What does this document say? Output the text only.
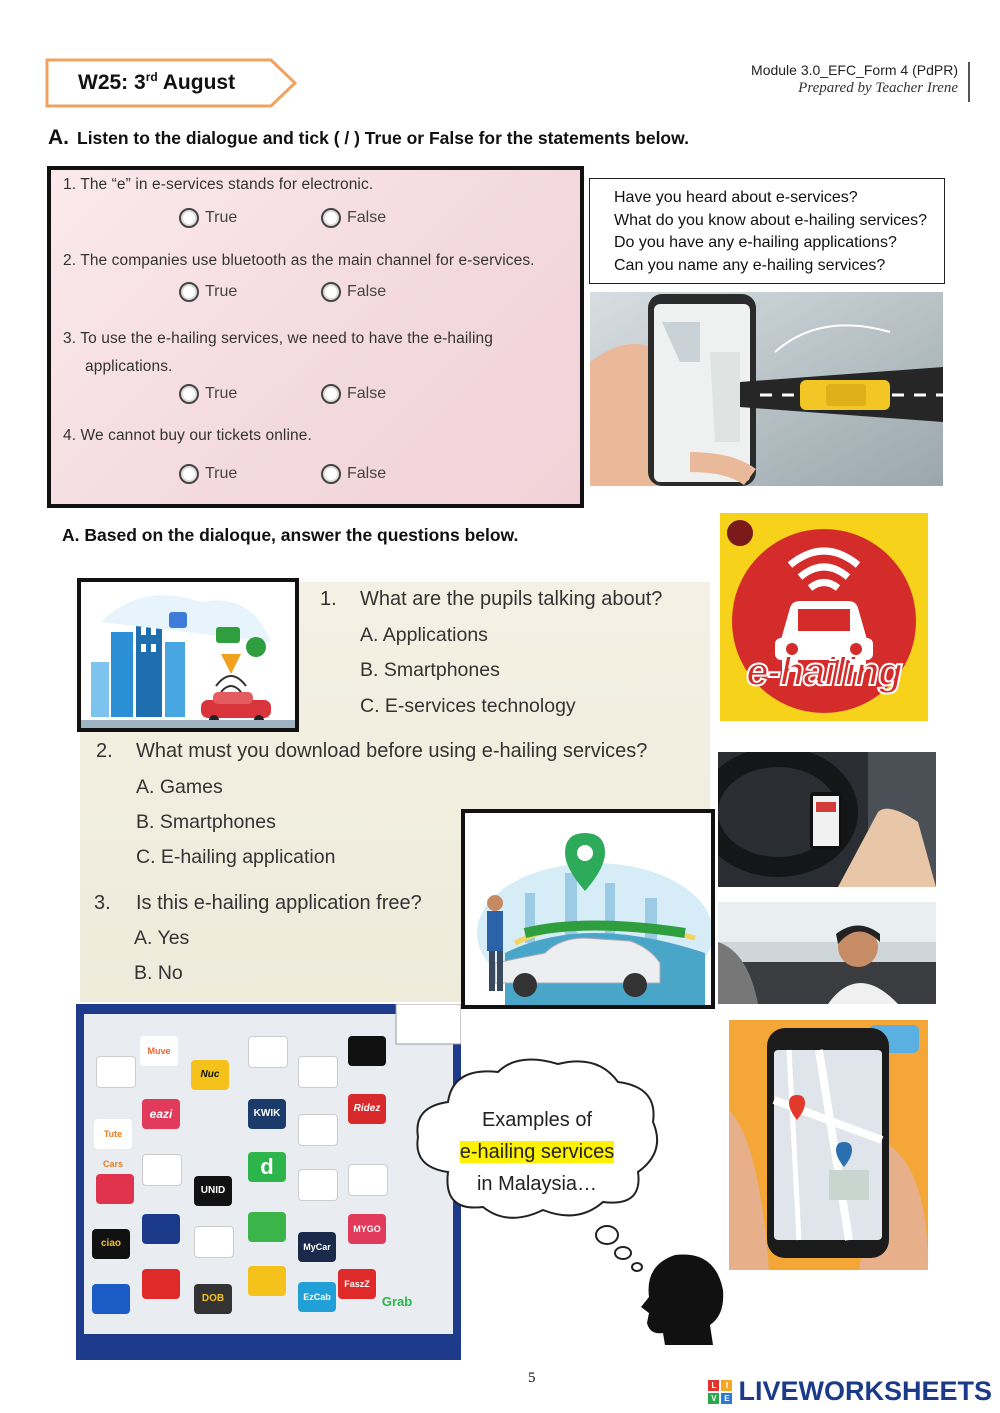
W25: 3rd August
Module 3.0_EFC_Form 4 (PdPR)
Prepared by Teacher Irene
A. Listen to the dialogue and tick ( / ) True or False for the statements below.
1. The “e” in e-services stands for electronic.
True	False
2. The companies use bluetooth as the main channel for e-services.
True	False
3. To use the e-hailing services, we need to have the e-hailing
applications.
True	False
4. We cannot buy our tickets online.
True	False
Have you heard about e-services?
What do you know about e-hailing services?
Do you have any e-hailing applications?
Can you name any e-hailing services?
A. Based on the dialoque, answer the questions below.
1. What are the pupils talking about?
A. Applications
B. Smartphones
C. E-services technology
2. What must you download before using e-hailing services?
A. Games
B. Smartphones
C. E-hailing application
3. Is this e-hailing application free?
A. Yes
B. No
e-hailing
Muve
Nuc
eazi	KWIK	Ridez
Tute Cars	d
UNID
MyCar
MYGO
ciao
EzCab
FaszZ
Grab
DOB
Examples of
e-hailing services
in Malaysia…
5	L	I
V E LIVEWORKSHEETS
